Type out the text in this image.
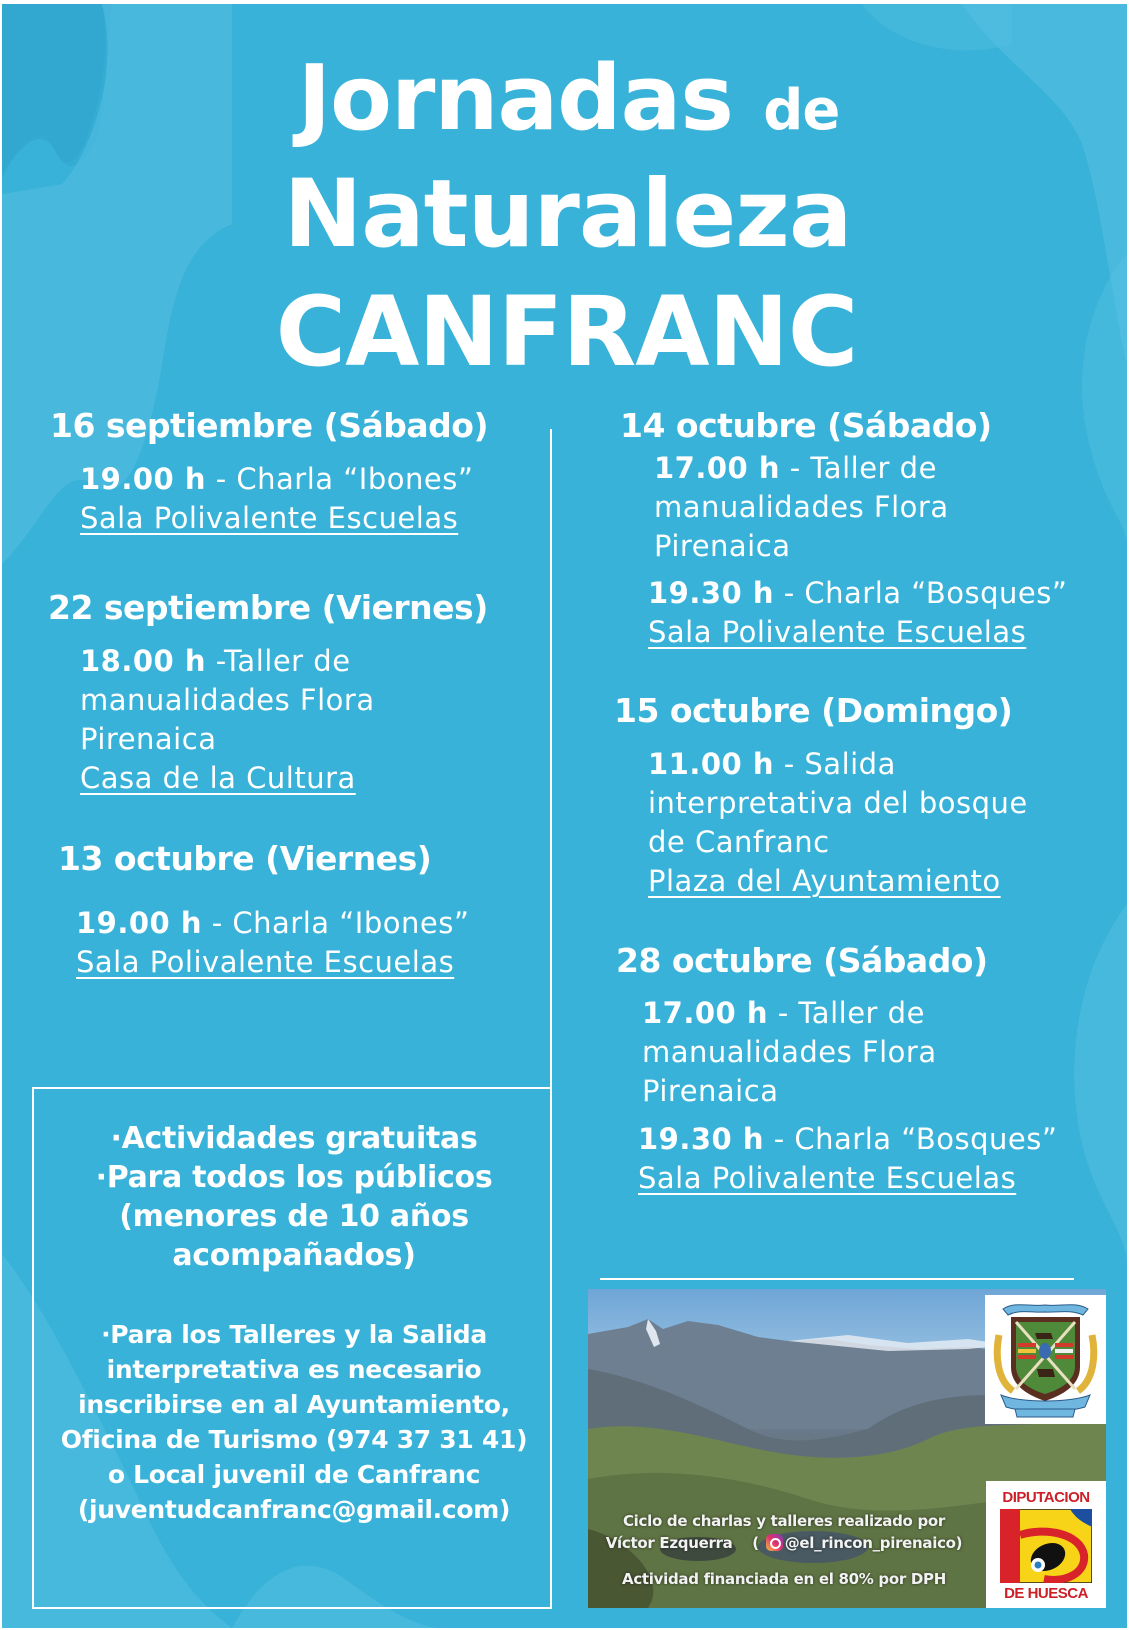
Jornadas de
Naturaleza
CANFRANC
16 septiembre (Sábado)
19.00 h - Charla “Ibones”
Sala Polivalente Escuelas
22 septiembre (Viernes)
18.00 h -Taller de
manualidades Flora
Pirenaica
Casa de la Cultura
13 octubre (Viernes)
19.00 h - Charla “Ibones”
Sala Polivalente Escuelas
14 octubre (Sábado)
17.00 h - Taller de
manualidades Flora
Pirenaica
19.30 h - Charla “Bosques”
Sala Polivalente Escuelas
15 octubre (Domingo)
11.00 h - Salida
interpretativa del bosque
de Canfranc
Plaza del Ayuntamiento
28 octubre (Sábado)
17.00 h - Taller de
manualidades Flora
Pirenaica
19.30 h - Charla “Bosques”
Sala Polivalente Escuelas
·Actividades gratuitas
·Para todos los públicos
(menores de 10 años
acompañados)
·Para los Talleres y la Salida
interpretativa es necesario
inscribirse en al Ayuntamiento,
Oficina de Turismo (974 37 31 41)
o Local juvenil de Canfranc
(juventudcanfranc@gmail.com)	Ciclo de charlas y talleres realizado por
Víctor Ezquerra ( @el_rincon_pirenaico)
Actividad financiada en el 80% por DPH
DIPUTACION
DE HUESCA
